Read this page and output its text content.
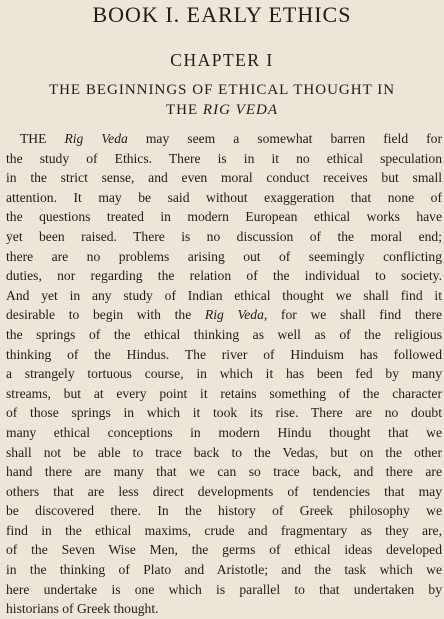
BOOK I. EARLY ETHICS
CHAPTER I
THE BEGINNINGS OF ETHICAL THOUGHT IN
THE RIG VEDA
THE Rig Veda may seem a somewhat barren field for
the study of Ethics. There is in it no ethical speculation
in the strict sense, and even moral conduct receives but small
attention. It may be said without exaggeration that none of
the questions treated in modern European ethical works have
yet been raised. There is no discussion of the moral end;
there are no problems arising out of seemingly conflicting
duties, nor regarding the relation of the individual to society.
And yet in any study of Indian ethical thought we shall find it
desirable to begin with the Rig Veda, for we shall find there
the springs of the ethical thinking as well as of the religious
thinking of the Hindus. The river of Hinduism has followed
a strangely tortuous course, in which it has been fed by many
streams, but at every point it retains something of the character
of those springs in which it took its rise. There are no doubt
many ethical conceptions in modern Hindu thought that we
shall not be able to trace back to the Vedas, but on the other
hand there are many that we can so trace back, and there are
others that are less direct developments of tendencies that may
be discovered there. In the history of Greek philosophy we
find in the ethical maxims, crude and fragmentary as they are,
of the Seven Wise Men, the germs of ethical ideas developed
in the thinking of Plato and Aristotle; and the task which we
here undertake is one which is parallel to that undertaken by
historians of Greek thought.
